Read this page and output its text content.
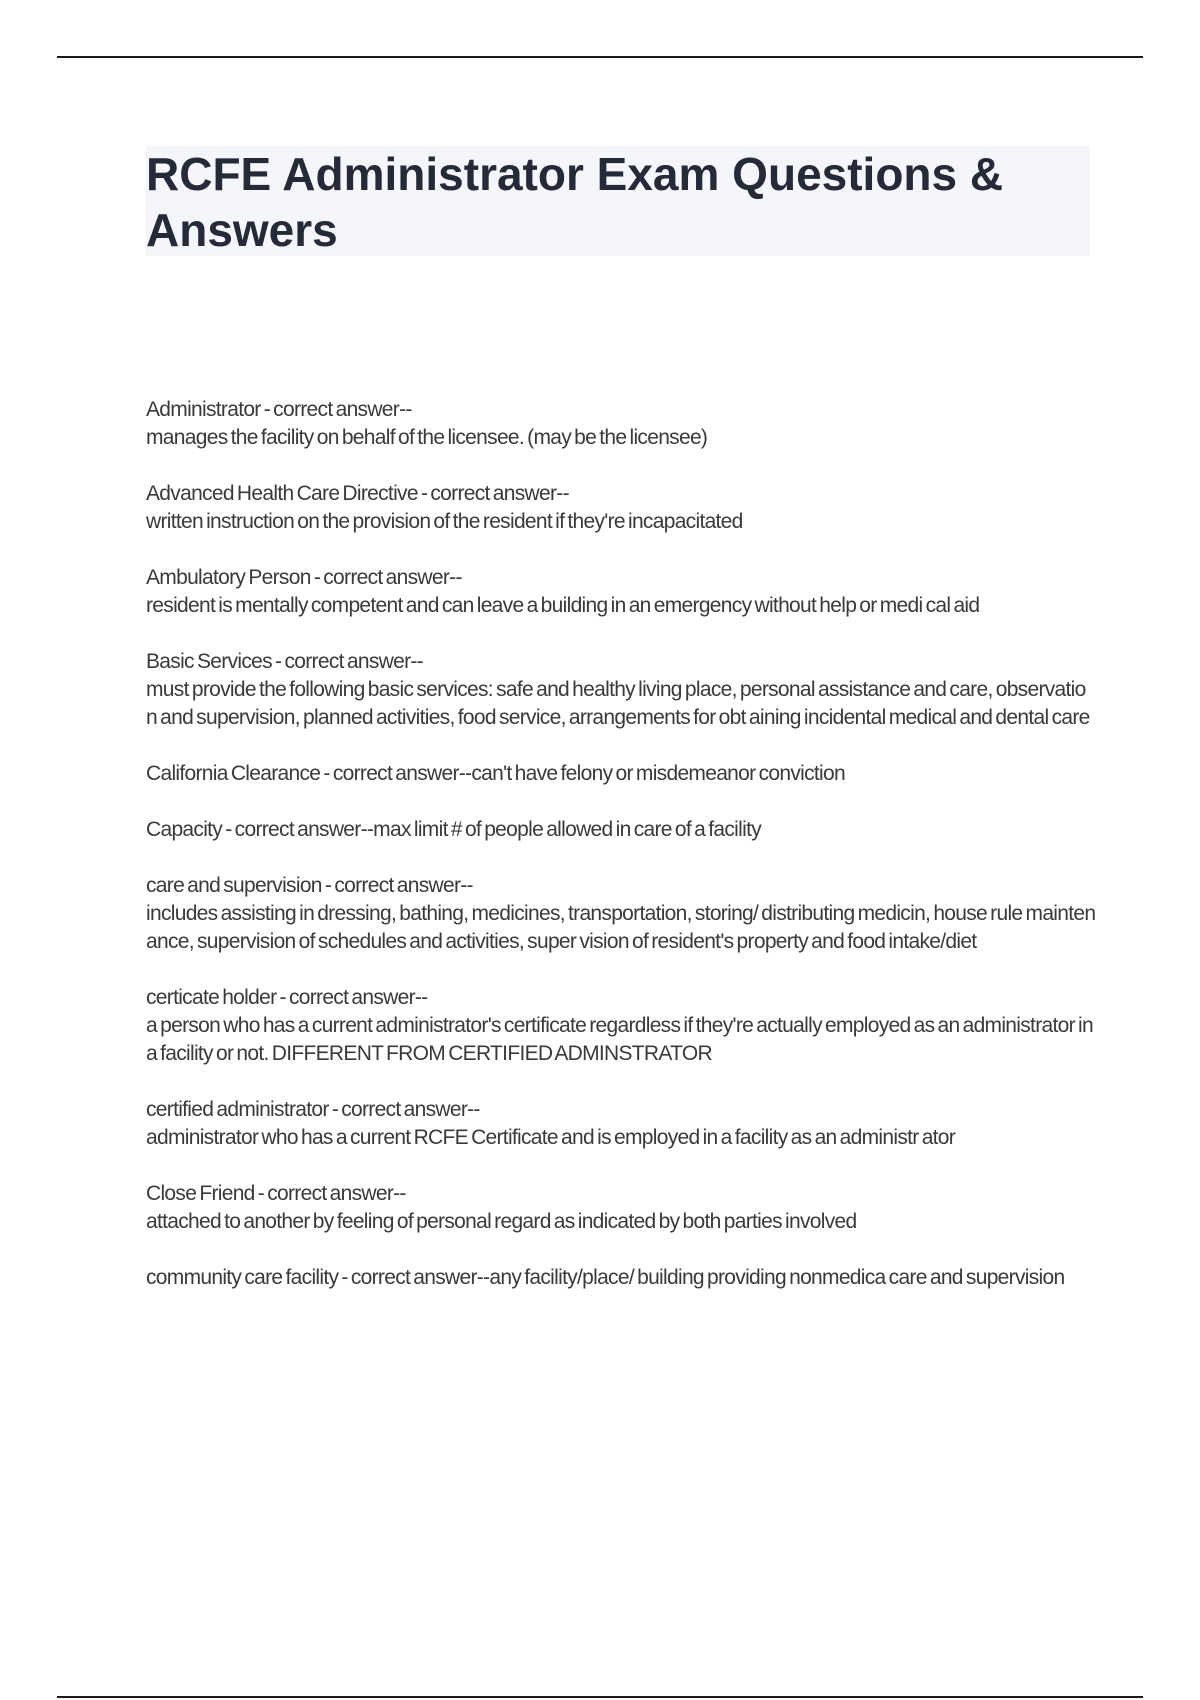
RCFE Administrator Exam Questions & Answers

Administrator - correct answer--
manages the facility on behalf of the licensee. (may be the licensee)

Advanced Health Care Directive - correct answer--
written instruction on the provision of the resident if they're incapacitated

Ambulatory Person - correct answer--
resident is mentally competent and can leave a building in an emergency without help or medi cal aid

Basic Services - correct answer--
must provide the following basic services: safe and healthy living place, personal assistance and care, observation and supervision, planned activities, food service, arrangements for obt aining incidental medical and dental care

California Clearance - correct answer--can't have felony or misdemeanor conviction

Capacity - correct answer--max limit # of people allowed in care of a facility

care and supervision - correct answer--
includes assisting in dressing, bathing, medicines, transportation, storing/ distributing medicin, house rule maintenance, supervision of schedules and activities, super vision of resident's property and food intake/diet

certicate holder - correct answer--
a person who has a current administrator's certificate regardless if they're actually employed as an administrator in a facility or not. DIFFERENT FROM CERTIFIED ADMINSTRATOR

certified administrator - correct answer--
administrator who has a current RCFE Certificate and is employed in a facility as an administr ator

Close Friend - correct answer--
attached to another by feeling of personal regard as indicated by both parties involved

community care facility - correct answer--any facility/place/ building providing nonmedica care and supervision
